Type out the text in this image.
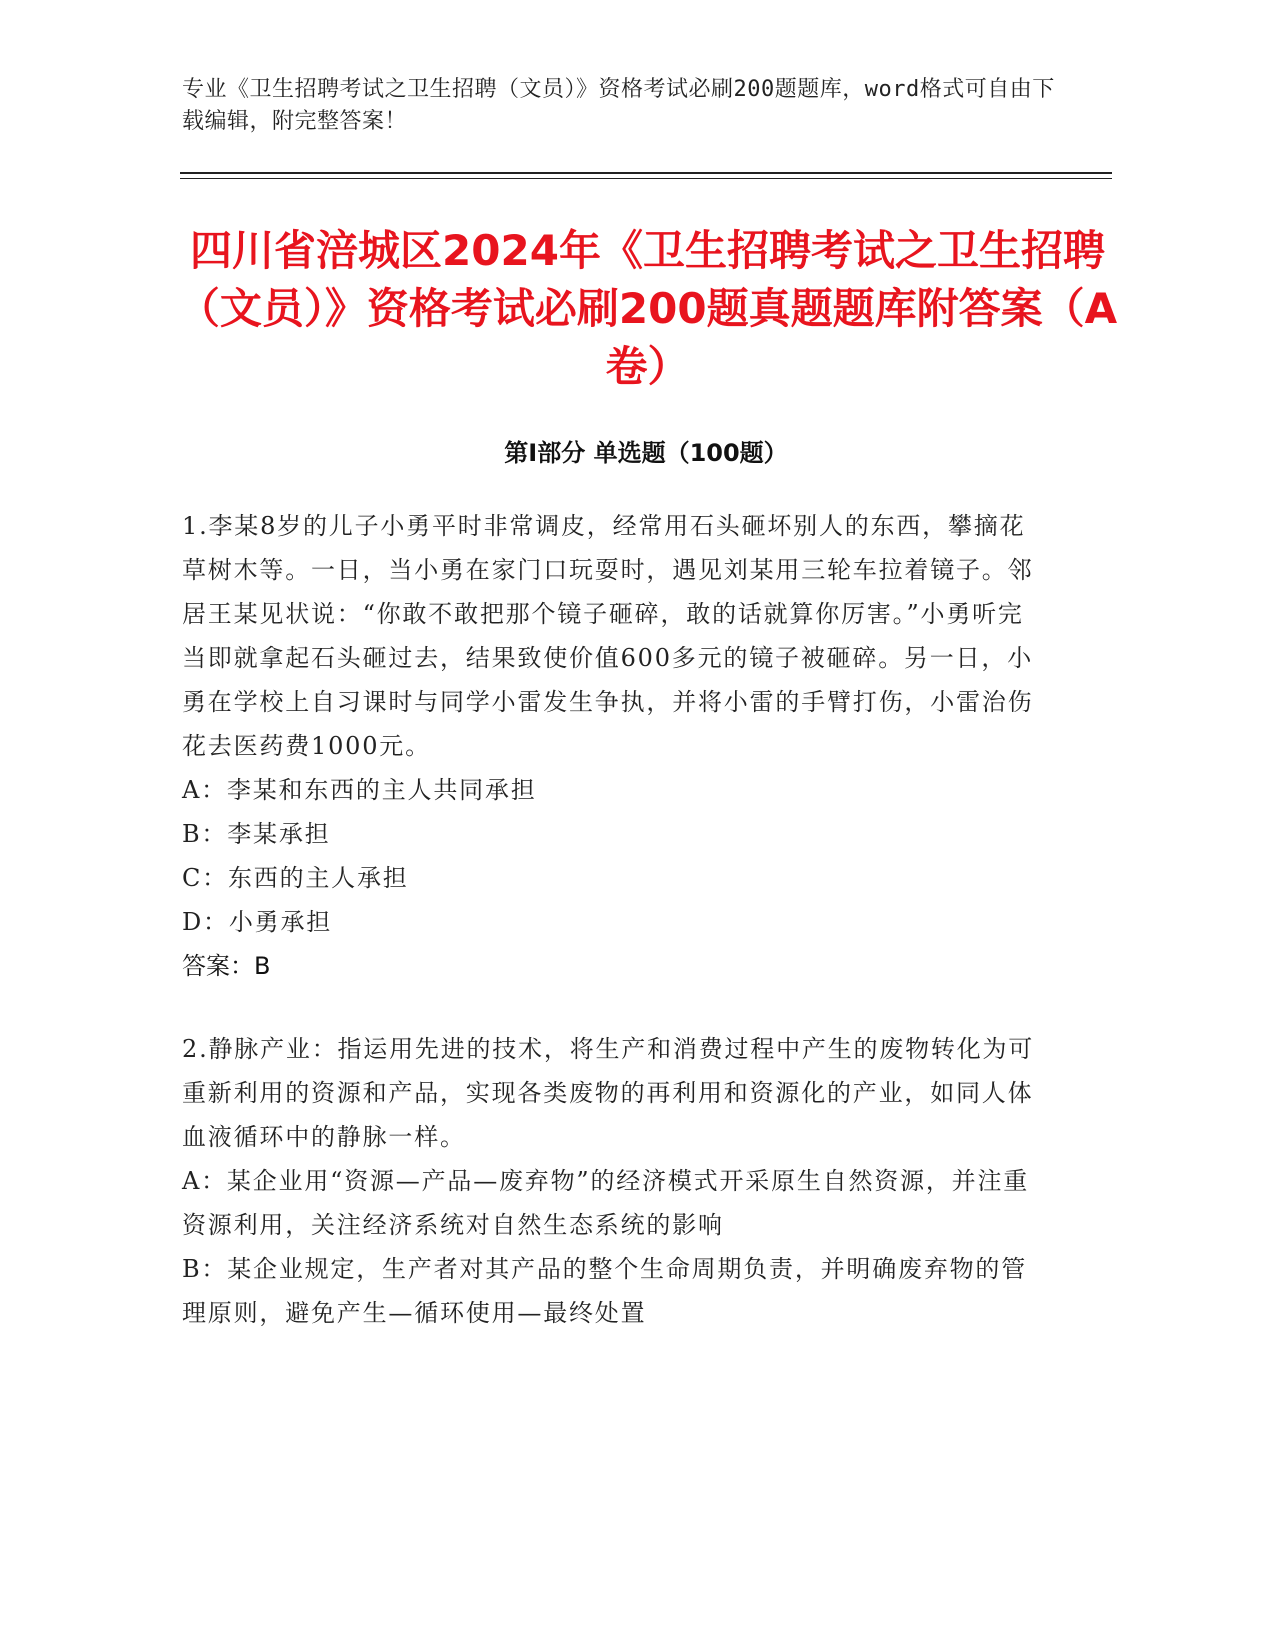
专业《卫生招聘考试之卫生招聘（文员）》资格考试必刷200题题库，word格式可自由下载编辑，附完整答案！
四川省涪城区2024年《卫生招聘考试之卫生招聘（文员）》资格考试必刷200题真题题库附答案（A卷）
第Ⅰ部分 单选题（100题）
1.李某8岁的儿子小勇平时非常调皮，经常用石头砸坏别人的东西，攀摘花草树木等。一日，当小勇在家门口玩耍时，遇见刘某用三轮车拉着镜子。邻居王某见状说：“你敢不敢把那个镜子砸碎，敢的话就算你厉害。”小勇听完当即就拿起石头砸过去，结果致使价值600多元的镜子被砸碎。另一日，小勇在学校上自习课时与同学小雷发生争执，并将小雷的手臂打伤，小雷治伤花去医药费1000元。
A：李某和东西的主人共同承担
B：李某承担
C：东西的主人承担
D：小勇承担
答案：B
2.静脉产业：指运用先进的技术，将生产和消费过程中产生的废物转化为可重新利用的资源和产品，实现各类废物的再利用和资源化的产业，如同人体血液循环中的静脉一样。
A：某企业用“资源—产品—废弃物”的经济模式开采原生自然资源，并注重资源利用，关注经济系统对自然生态系统的影响
B：某企业规定，生产者对其产品的整个生命周期负责，并明确废弃物的管理原则，避免产生—循环使用—最终处置
